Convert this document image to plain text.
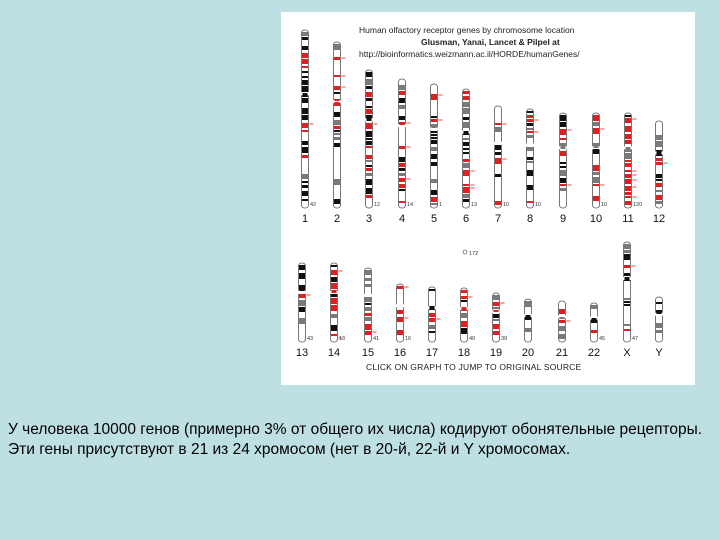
Human olfactory receptor genes by chromosome location
Glusman, Yanai, Lancet & Pilpel at
http://bioinformatics.weizmann.ac.il/HORDE/humanGenes/
42
1 2
12
3
14
4
1
5
13
6
10
7
10
8 9
10
10
120
11 12
43
13
13
14
41
15
16
16 17
40
18
39
19 20 21
45
22
47
X Y
172
CLICK ON GRAPH TO JUMP TO ORIGINAL SOURCE
У человека 10000 генов (примерно 3% от общего их числа) кодируют обонятельные рецепторы. Эти гены присутствуют в 21 из 24 хромосом (нет в 20-й, 22-й и Y хромосомах.
